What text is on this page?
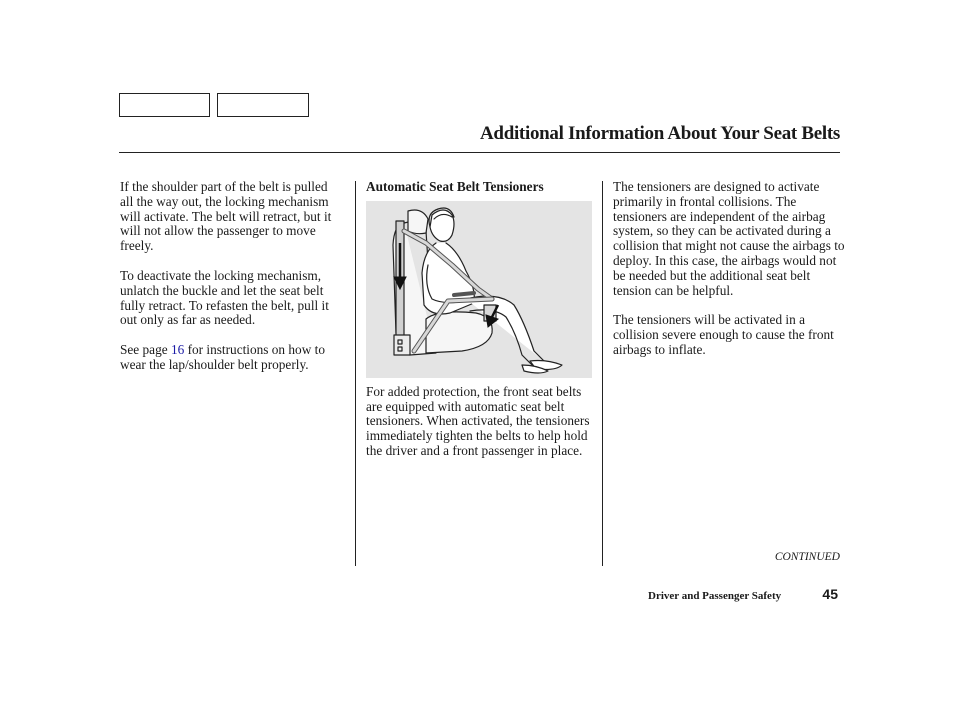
Additional Information About Your Seat Belts

If the shoulder part of the belt is pulled all the way out, the locking mechanism will activate. The belt will retract, but it will not allow the passenger to move freely.

To deactivate the locking mechanism, unlatch the buckle and let the seat belt fully retract. To refasten the belt, pull it out only as far as needed.

See page 16 for instructions on how to wear the lap/shoulder belt properly.

Automatic Seat Belt Tensioners

For added protection, the front seat belts are equipped with automatic seat belt tensioners. When activated, the tensioners immediately tighten the belts to help hold the driver and a front passenger in place.

The tensioners are designed to activate primarily in frontal collisions. The tensioners are independent of the airbag system, so they can be activated during a collision that might not cause the airbags to deploy. In this case, the airbags would not be needed but the additional seat belt tension can be helpful.

The tensioners will be activated in a collision severe enough to cause the front airbags to inflate.

CONTINUED
Driver and Passenger Safety	45
